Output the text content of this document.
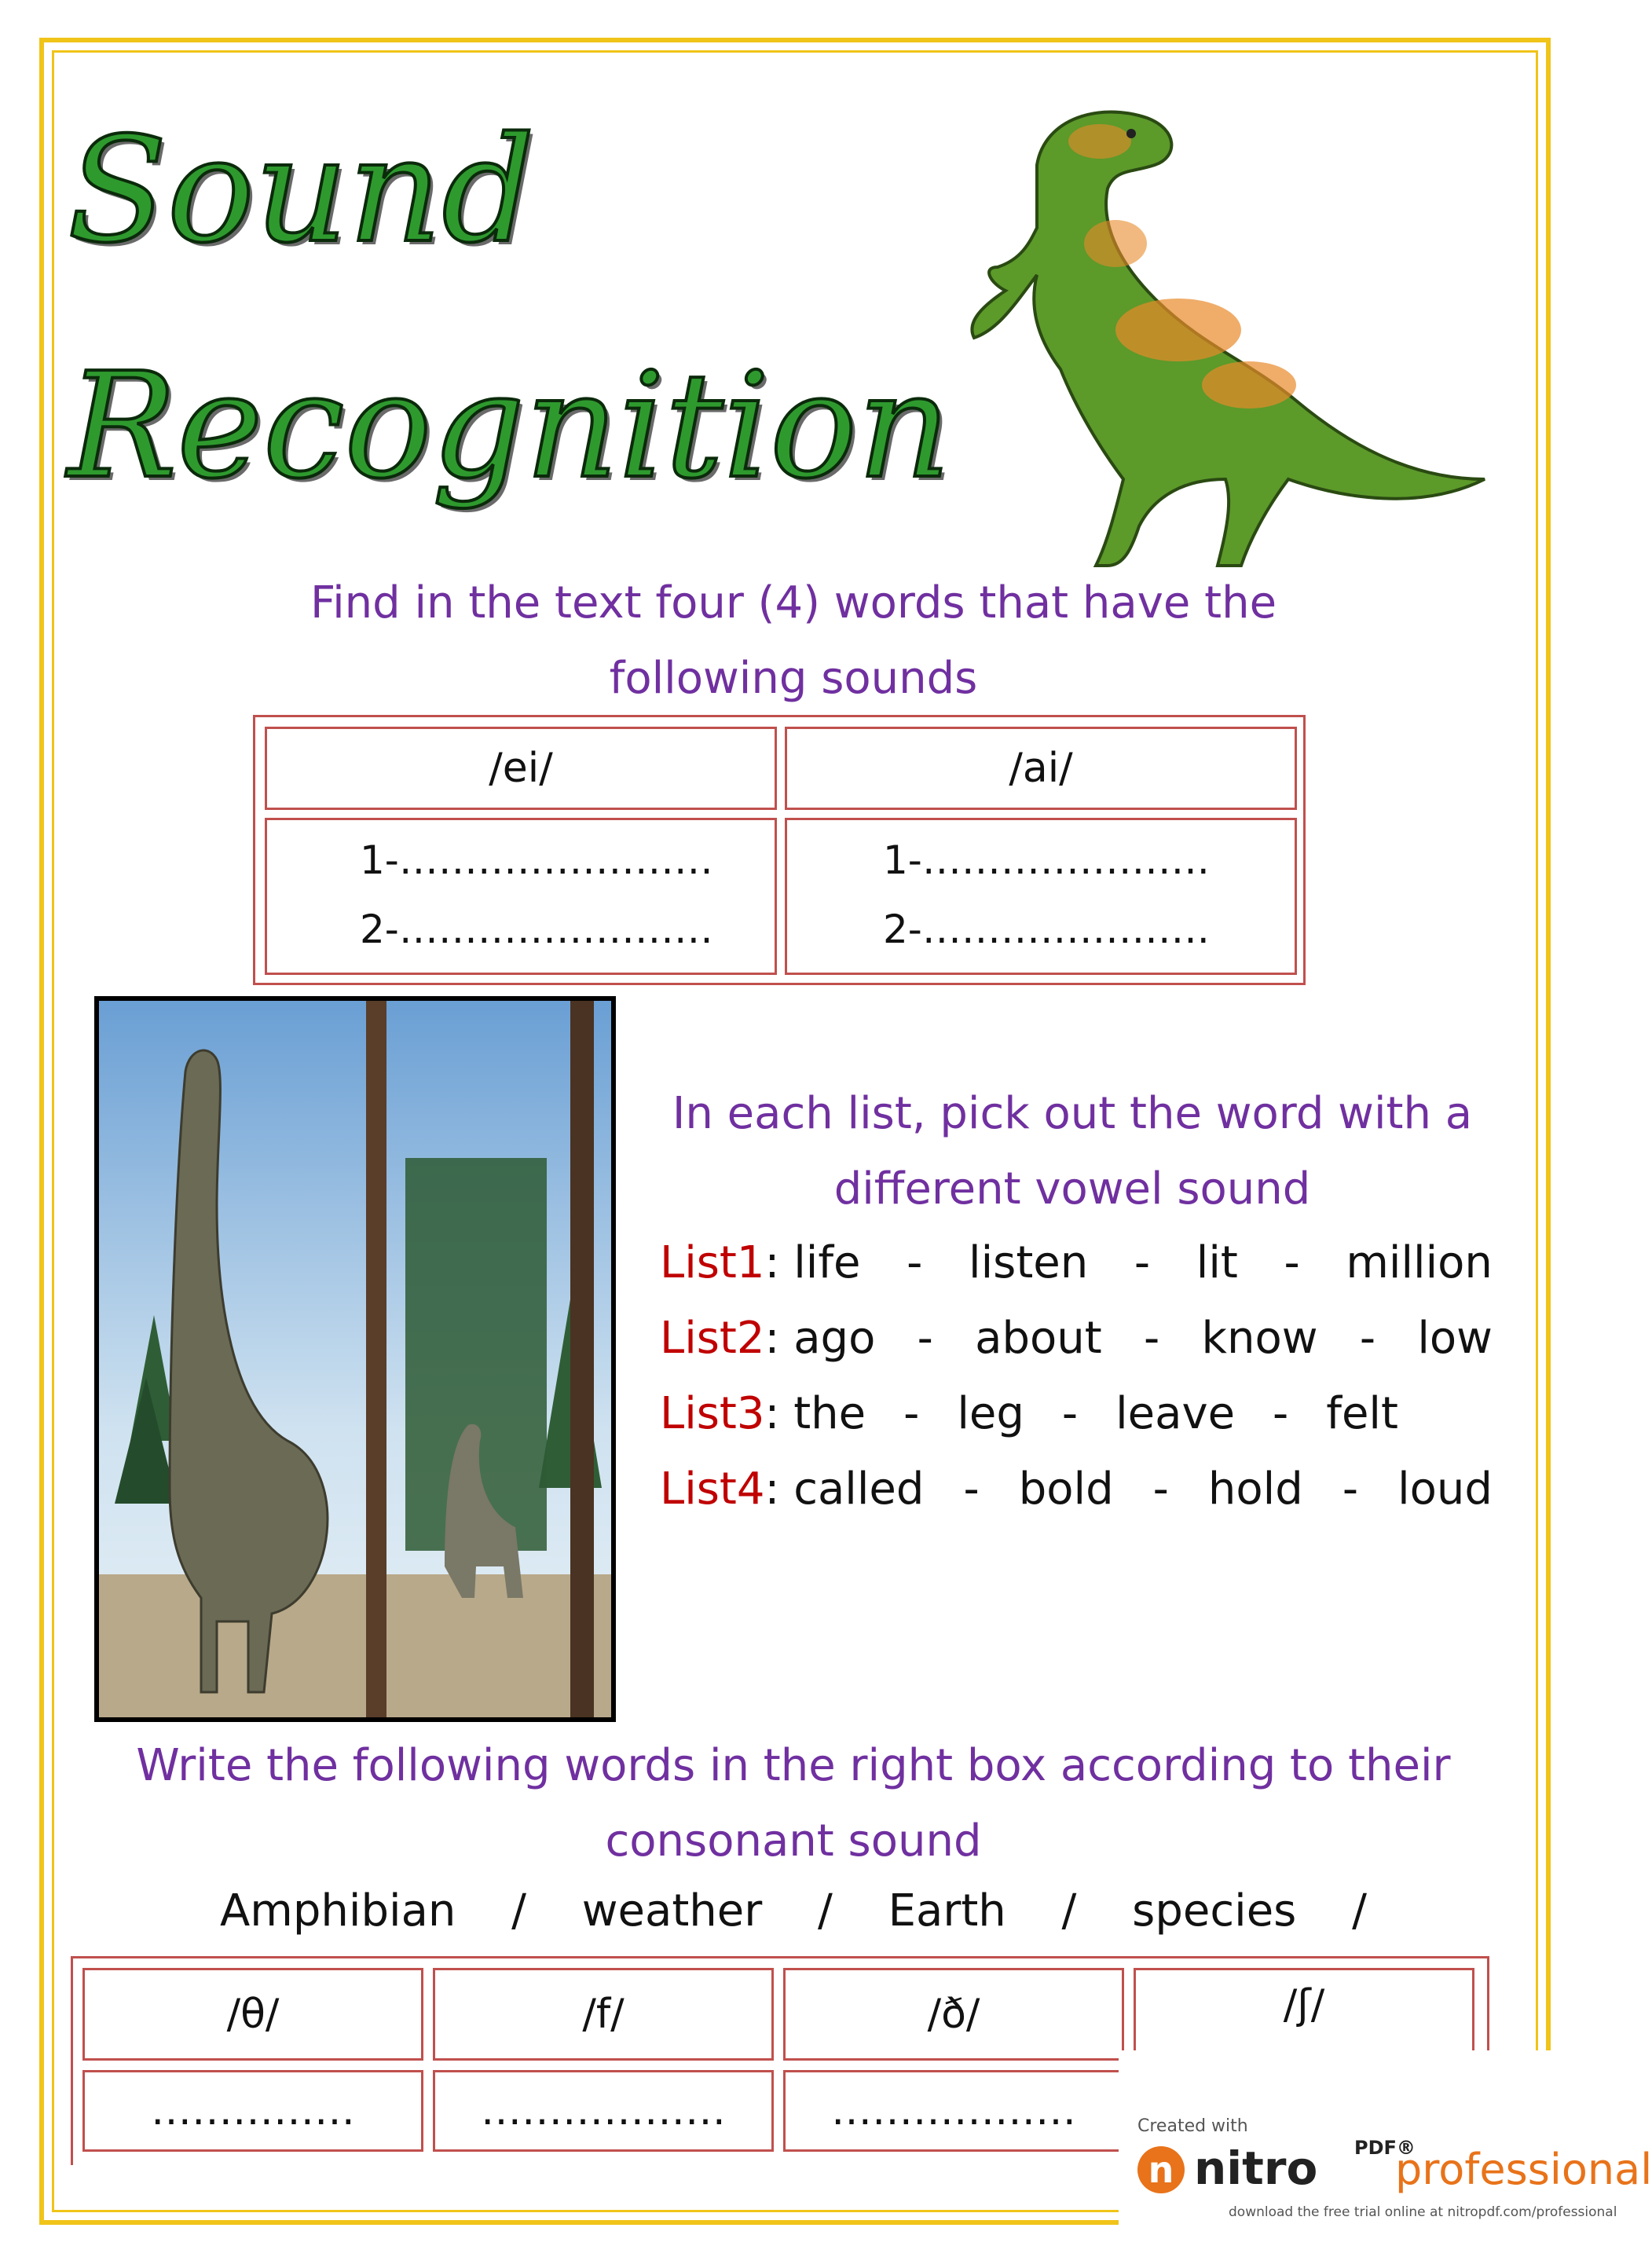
Sound
Recognition
Find in the text four (4) words that have the
following sounds
/ei/	/ai/
1-……………………
2-……………………
1-………………….
2-………………….
In each list, pick out the word with a
different vowel sound
List1: life - listen - lit - million
List2: ago - about - know - low
List3: the - leg - leave - felt
List4: called - bold - hold - loud
Write the following words in the right box according to their
consonant sound
Amphibian / weather / Earth / species /
/θ/	/f/	/ð/	/ʃ/
……………	………………	………………	Created with
n nitro PDF®
professional
download the free trial online at nitropdf.com/professional
